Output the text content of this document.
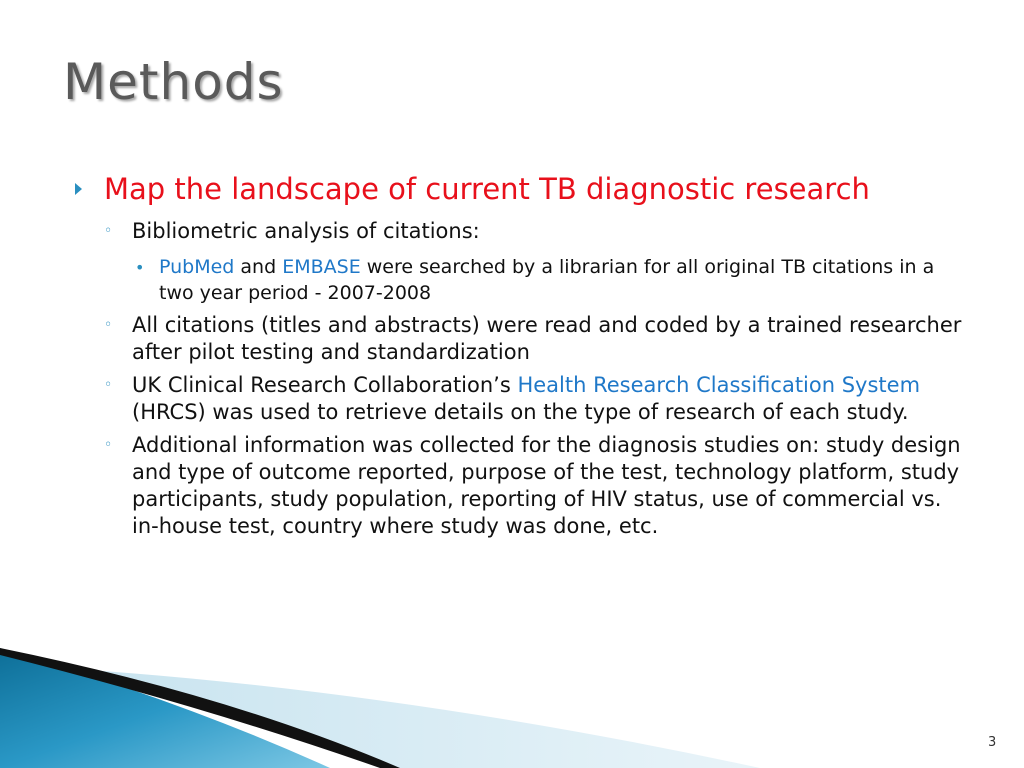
Methods
Map the landscape of current TB diagnostic research
◦ Bibliometric analysis of citations:
• PubMed and EMBASE were searched by a librarian for all original TB citations in a two year period - 2007-2008
◦ All citations (titles and abstracts) were read and coded by a trained researcher after pilot testing and standardization
◦ UK Clinical Research Collaboration’s Health Research Classification System (HRCS) was used to retrieve details on the type of research of each study.
◦ Additional information was collected for the diagnosis studies on: study design and type of outcome reported, purpose of the test, technology platform, study participants, study population, reporting of HIV status, use of commercial vs. in-house test, country where study was done, etc.
3
